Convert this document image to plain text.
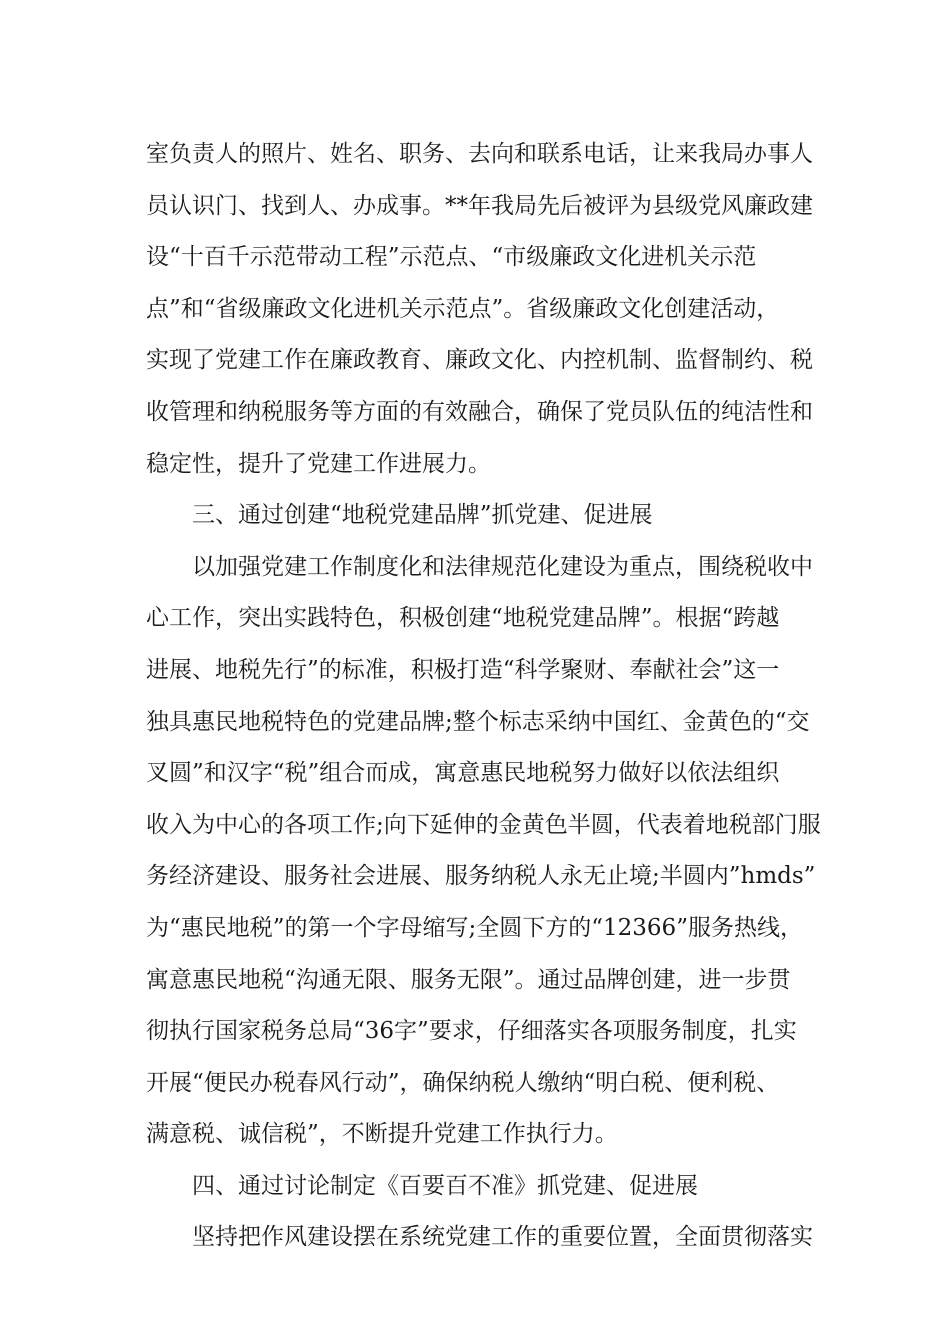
室负责人的照片、姓名、职务、去向和联系电话，让来我局办事人
员认识门、找到人、办成事。**年我局先后被评为县级党风廉政建
设“十百千示范带动工程”示范点、“市级廉政文化进机关示范
点”和“省级廉政文化进机关示范点”。省级廉政文化创建活动，
实现了党建工作在廉政教育、廉政文化、内控机制、监督制约、税
收管理和纳税服务等方面的有效融合，确保了党员队伍的纯洁性和
稳定性，提升了党建工作进展力。
三、通过创建“地税党建品牌”抓党建、促进展
以加强党建工作制度化和法律规范化建设为重点，围绕税收中
心工作，突出实践特色，积极创建“地税党建品牌”。根据“跨越
进展、地税先行”的标准，积极打造“科学聚财、奉献社会”这一
独具惠民地税特色的党建品牌;整个标志采纳中国红、金黄色的“交
叉圆”和汉字“税”组合而成，寓意惠民地税努力做好以依法组织
收入为中心的各项工作;向下延伸的金黄色半圆，代表着地税部门服
务经济建设、服务社会进展、服务纳税人永无止境;半圆内”hmds”
为“惠民地税”的第一个字母缩写;全圆下方的“12366”服务热线，
寓意惠民地税“沟通无限、服务无限”。通过品牌创建，进一步贯
彻执行国家税务总局“36字”要求，仔细落实各项服务制度，扎实
开展“便民办税春风行动”，确保纳税人缴纳“明白税、便利税、
满意税、诚信税”，不断提升党建工作执行力。
四、通过讨论制定《百要百不准》抓党建、促进展
坚持把作风建设摆在系统党建工作的重要位置，全面贯彻落实
